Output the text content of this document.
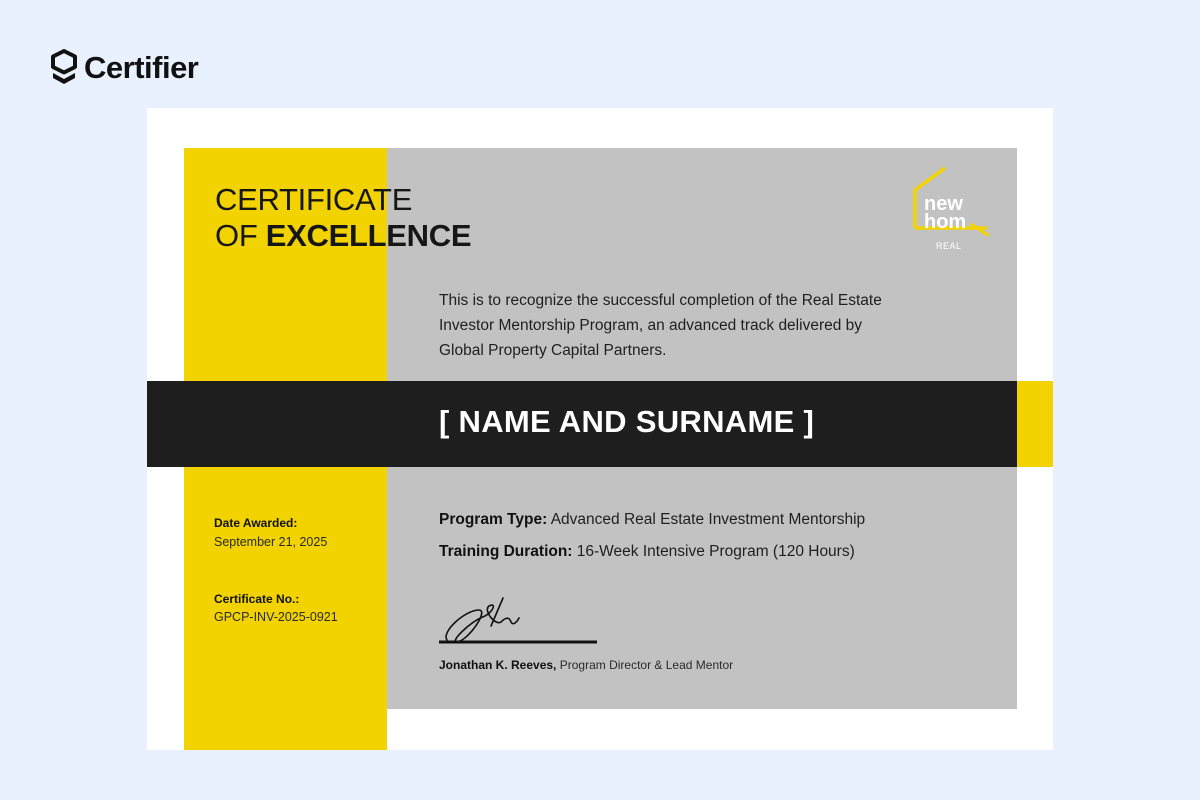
Certifier
CERTIFICATE
OF EXCELLENCE
new
hom
REAL
This is to recognize the successful completion of the Real Estate Investor Mentorship Program, an advanced track delivered by Global Property Capital Partners.
[ NAME AND SURNAME ]
Date Awarded:
September 21, 2025
Certificate No.:
GPCP-INV-2025-0921
Program Type: Advanced Real Estate Investment Mentorship
Training Duration: 16-Week Intensive Program (120 Hours)
Jonathan K. Reeves, Program Director & Lead Mentor
